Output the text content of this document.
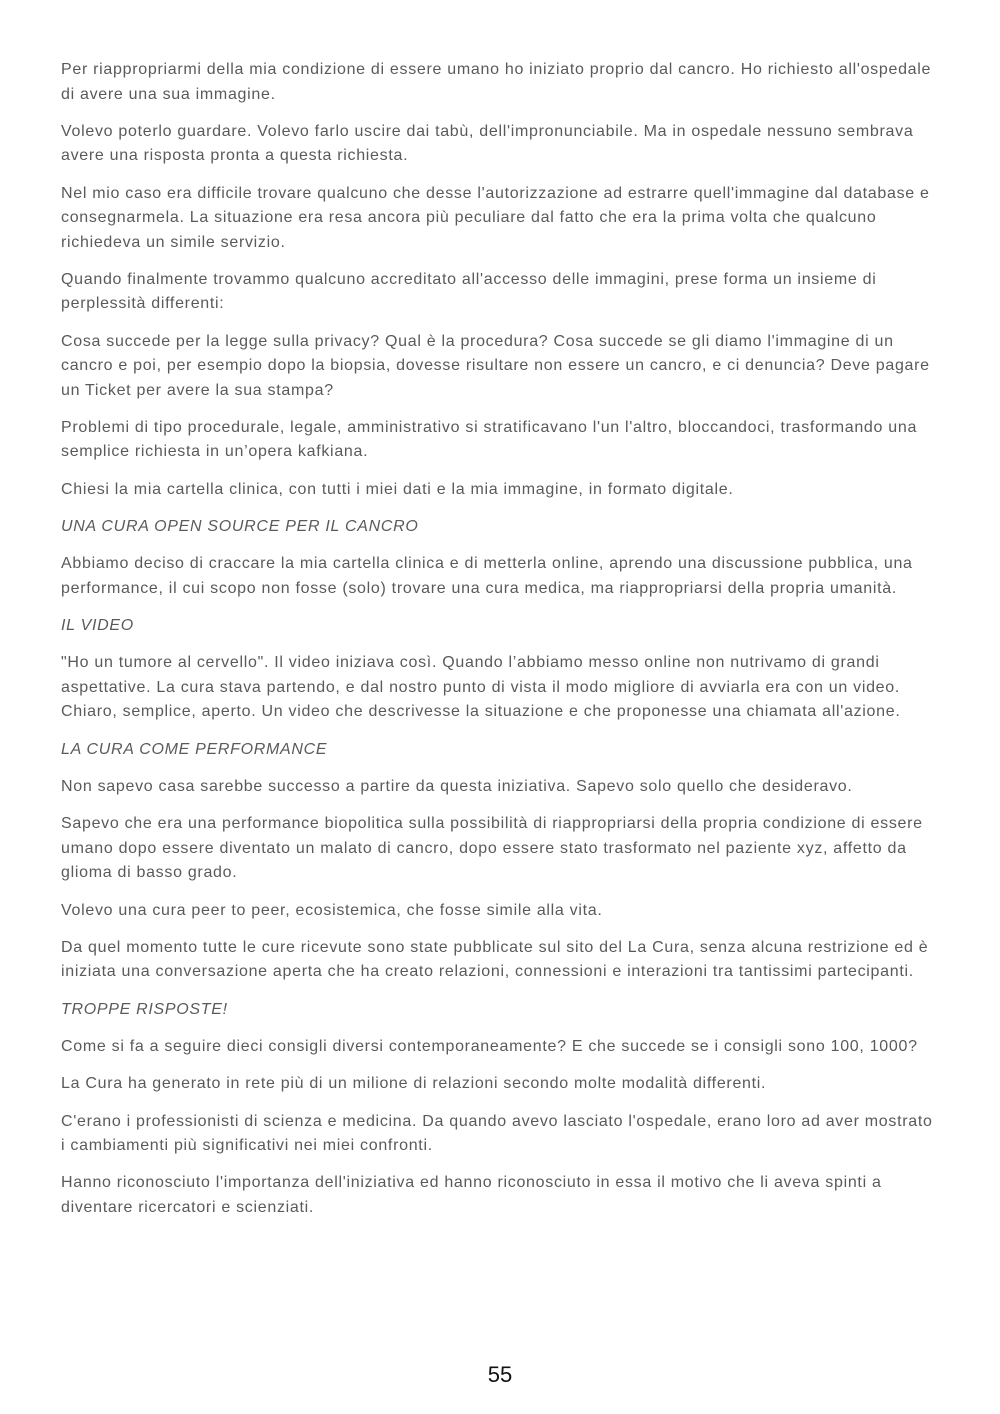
Per riappropriarmi della mia condizione di essere umano ho iniziato proprio dal cancro. Ho richiesto all'ospedale di avere una sua immagine.

Volevo poterlo guardare. Volevo farlo uscire dai tabù, dell'impronunciabile. Ma in ospedale nessuno sembrava avere una risposta pronta a questa richiesta.

Nel mio caso era difficile trovare qualcuno che desse l'autorizzazione ad estrarre quell'immagine dal database e consegnarmela. La situazione era resa ancora più peculiare dal fatto che era la prima volta che qualcuno richiedeva un simile servizio.

Quando finalmente trovammo qualcuno accreditato all'accesso delle immagini, prese forma un insieme di perplessità differenti:

Cosa succede per la legge sulla privacy? Qual è la procedura? Cosa succede se gli diamo l'immagine di un cancro e poi, per esempio dopo la biopsia, dovesse risultare non essere un cancro, e ci denuncia? Deve pagare un Ticket per avere la sua stampa?

Problemi di tipo procedurale, legale, amministrativo si stratificavano l'un l'altro, bloccandoci, trasformando una semplice richiesta in un’opera kafkiana.

Chiesi la mia cartella clinica, con tutti i miei dati e la mia immagine, in formato digitale.

UNA CURA OPEN SOURCE PER IL CANCRO

Abbiamo deciso di craccare la mia cartella clinica e di metterla online, aprendo una discussione pubblica, una performance, il cui scopo non fosse (solo) trovare una cura medica, ma riappropriarsi della propria umanità.

IL VIDEO

"Ho un tumore al cervello". Il video iniziava così. Quando l’abbiamo messo online non nutrivamo di grandi aspettative. La cura stava partendo, e dal nostro punto di vista il modo migliore di avviarla era con un video. Chiaro, semplice, aperto. Un video che descrivesse la situazione e che proponesse una chiamata all'azione.

LA CURA COME PERFORMANCE

Non sapevo casa sarebbe successo a partire da questa iniziativa. Sapevo solo quello che desideravo.

Sapevo che era una performance biopolitica sulla possibilità di riappropriarsi della propria condizione di essere umano dopo essere diventato un malato di cancro, dopo essere stato trasformato nel paziente xyz, affetto da glioma di basso grado.

Volevo una cura peer to peer, ecosistemica, che fosse simile alla vita.

Da quel momento tutte le cure ricevute sono state pubblicate sul sito del La Cura, senza alcuna restrizione ed è iniziata una conversazione aperta che ha creato relazioni, connessioni e interazioni tra tantissimi partecipanti.

TROPPE RISPOSTE!

Come si fa a seguire dieci consigli diversi contemporaneamente? E che succede se i consigli sono 100, 1000?

La Cura ha generato in rete più di un milione di relazioni secondo molte modalità differenti.

C'erano i professionisti di scienza e medicina. Da quando avevo lasciato l'ospedale, erano loro ad aver mostrato i cambiamenti più significativi nei miei confronti.

Hanno riconosciuto l'importanza dell'iniziativa ed hanno riconosciuto in essa il motivo che li aveva spinti a diventare ricercatori e scienziati.

55
